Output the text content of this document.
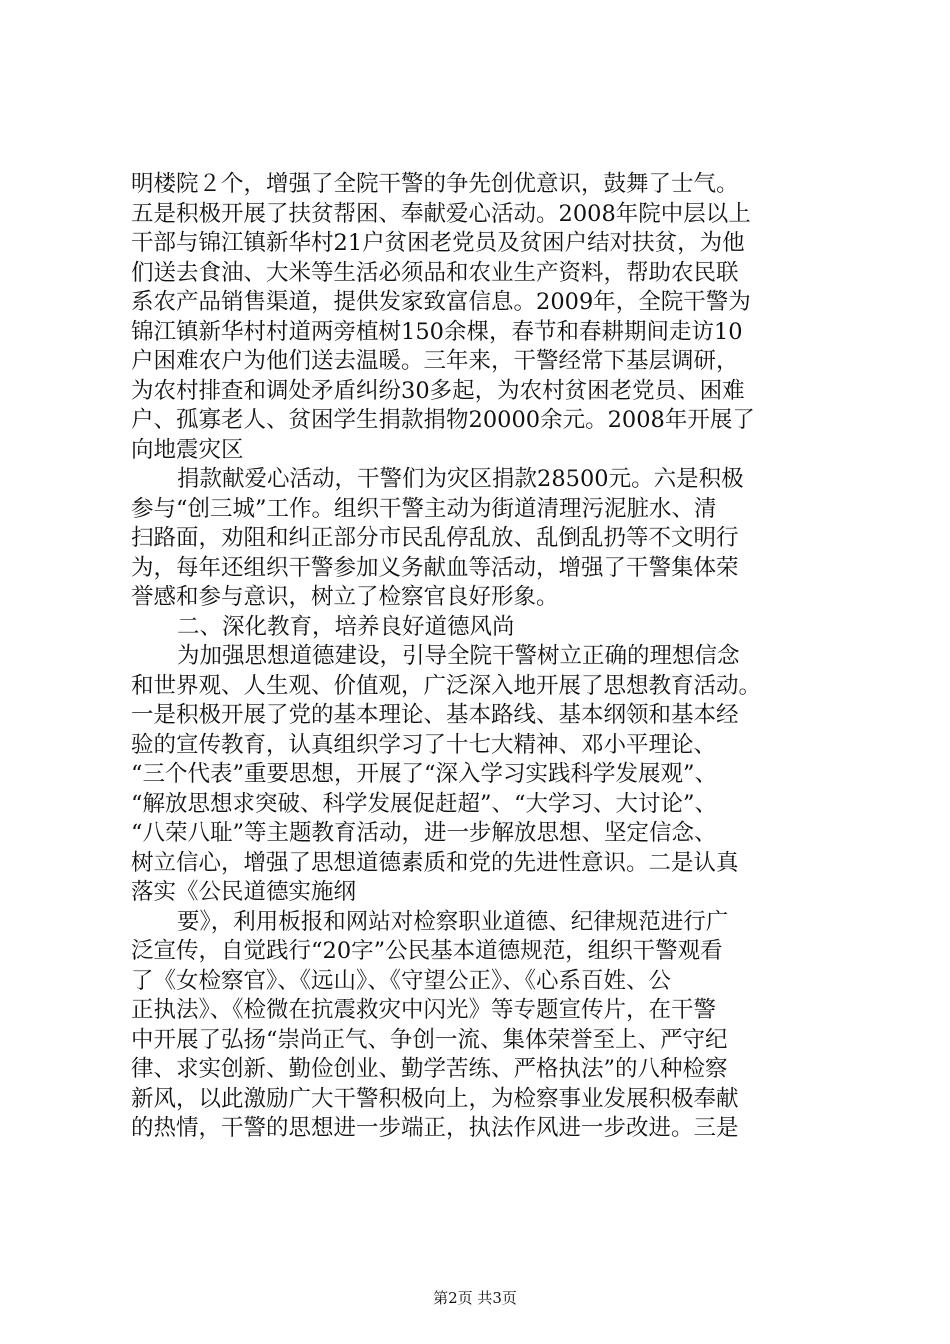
明楼院２个，增强了全院干警的争先创优意识，鼓舞了士气。
五是积极开展了扶贫帮困、奉献爱心活动。2008年院中层以上
干部与锦江镇新华村21户贫困老党员及贫困户结对扶贫，为他
们送去食油、大米等生活必须品和农业生产资料，帮助农民联
系农产品销售渠道，提供发家致富信息。2009年，全院干警为
锦江镇新华村村道两旁植树150余棵，春节和春耕期间走访10
户困难农户为他们送去温暖。三年来，干警经常下基层调研，
为农村排查和调处矛盾纠纷30多起，为农村贫困老党员、困难
户、孤寡老人、贫困学生捐款捐物20000余元。2008年开展了
向地震灾区
捐款献爱心活动，干警们为灾区捐款28500元。六是积极
参与“创三城”工作。组织干警主动为街道清理污泥脏水、清
扫路面，劝阻和纠正部分市民乱停乱放、乱倒乱扔等不文明行
为，每年还组织干警参加义务献血等活动，增强了干警集体荣
誉感和参与意识，树立了检察官良好形象。
二、深化教育，培养良好道德风尚
为加强思想道德建设，引导全院干警树立正确的理想信念
和世界观、人生观、价值观，广泛深入地开展了思想教育活动。
一是积极开展了党的基本理论、基本路线、基本纲领和基本经
验的宣传教育，认真组织学习了十七大精神、邓小平理论、
“三个代表”重要思想，开展了“深入学习实践科学发展观”、
“解放思想求突破、科学发展促赶超”、“大学习、大讨论”、
“八荣八耻”等主题教育活动，进一步解放思想、坚定信念、
树立信心，增强了思想道德素质和党的先进性意识。二是认真
落实《公民道德实施纲
要》，利用板报和网站对检察职业道德、纪律规范进行广
泛宣传，自觉践行“20字”公民基本道德规范，组织干警观看
了《女检察官》、《远山》、《守望公正》、《心系百姓、公
正执法》、《检微在抗震救灾中闪光》等专题宣传片，在干警
中开展了弘扬“崇尚正气、争创一流、集体荣誉至上、严守纪
律、求实创新、勤俭创业、勤学苦练、严格执法”的八种检察
新风，以此激励广大干警积极向上，为检察事业发展积极奉献
的热情，干警的思想进一步端正，执法作风进一步改进。三是
第2页 共3页
